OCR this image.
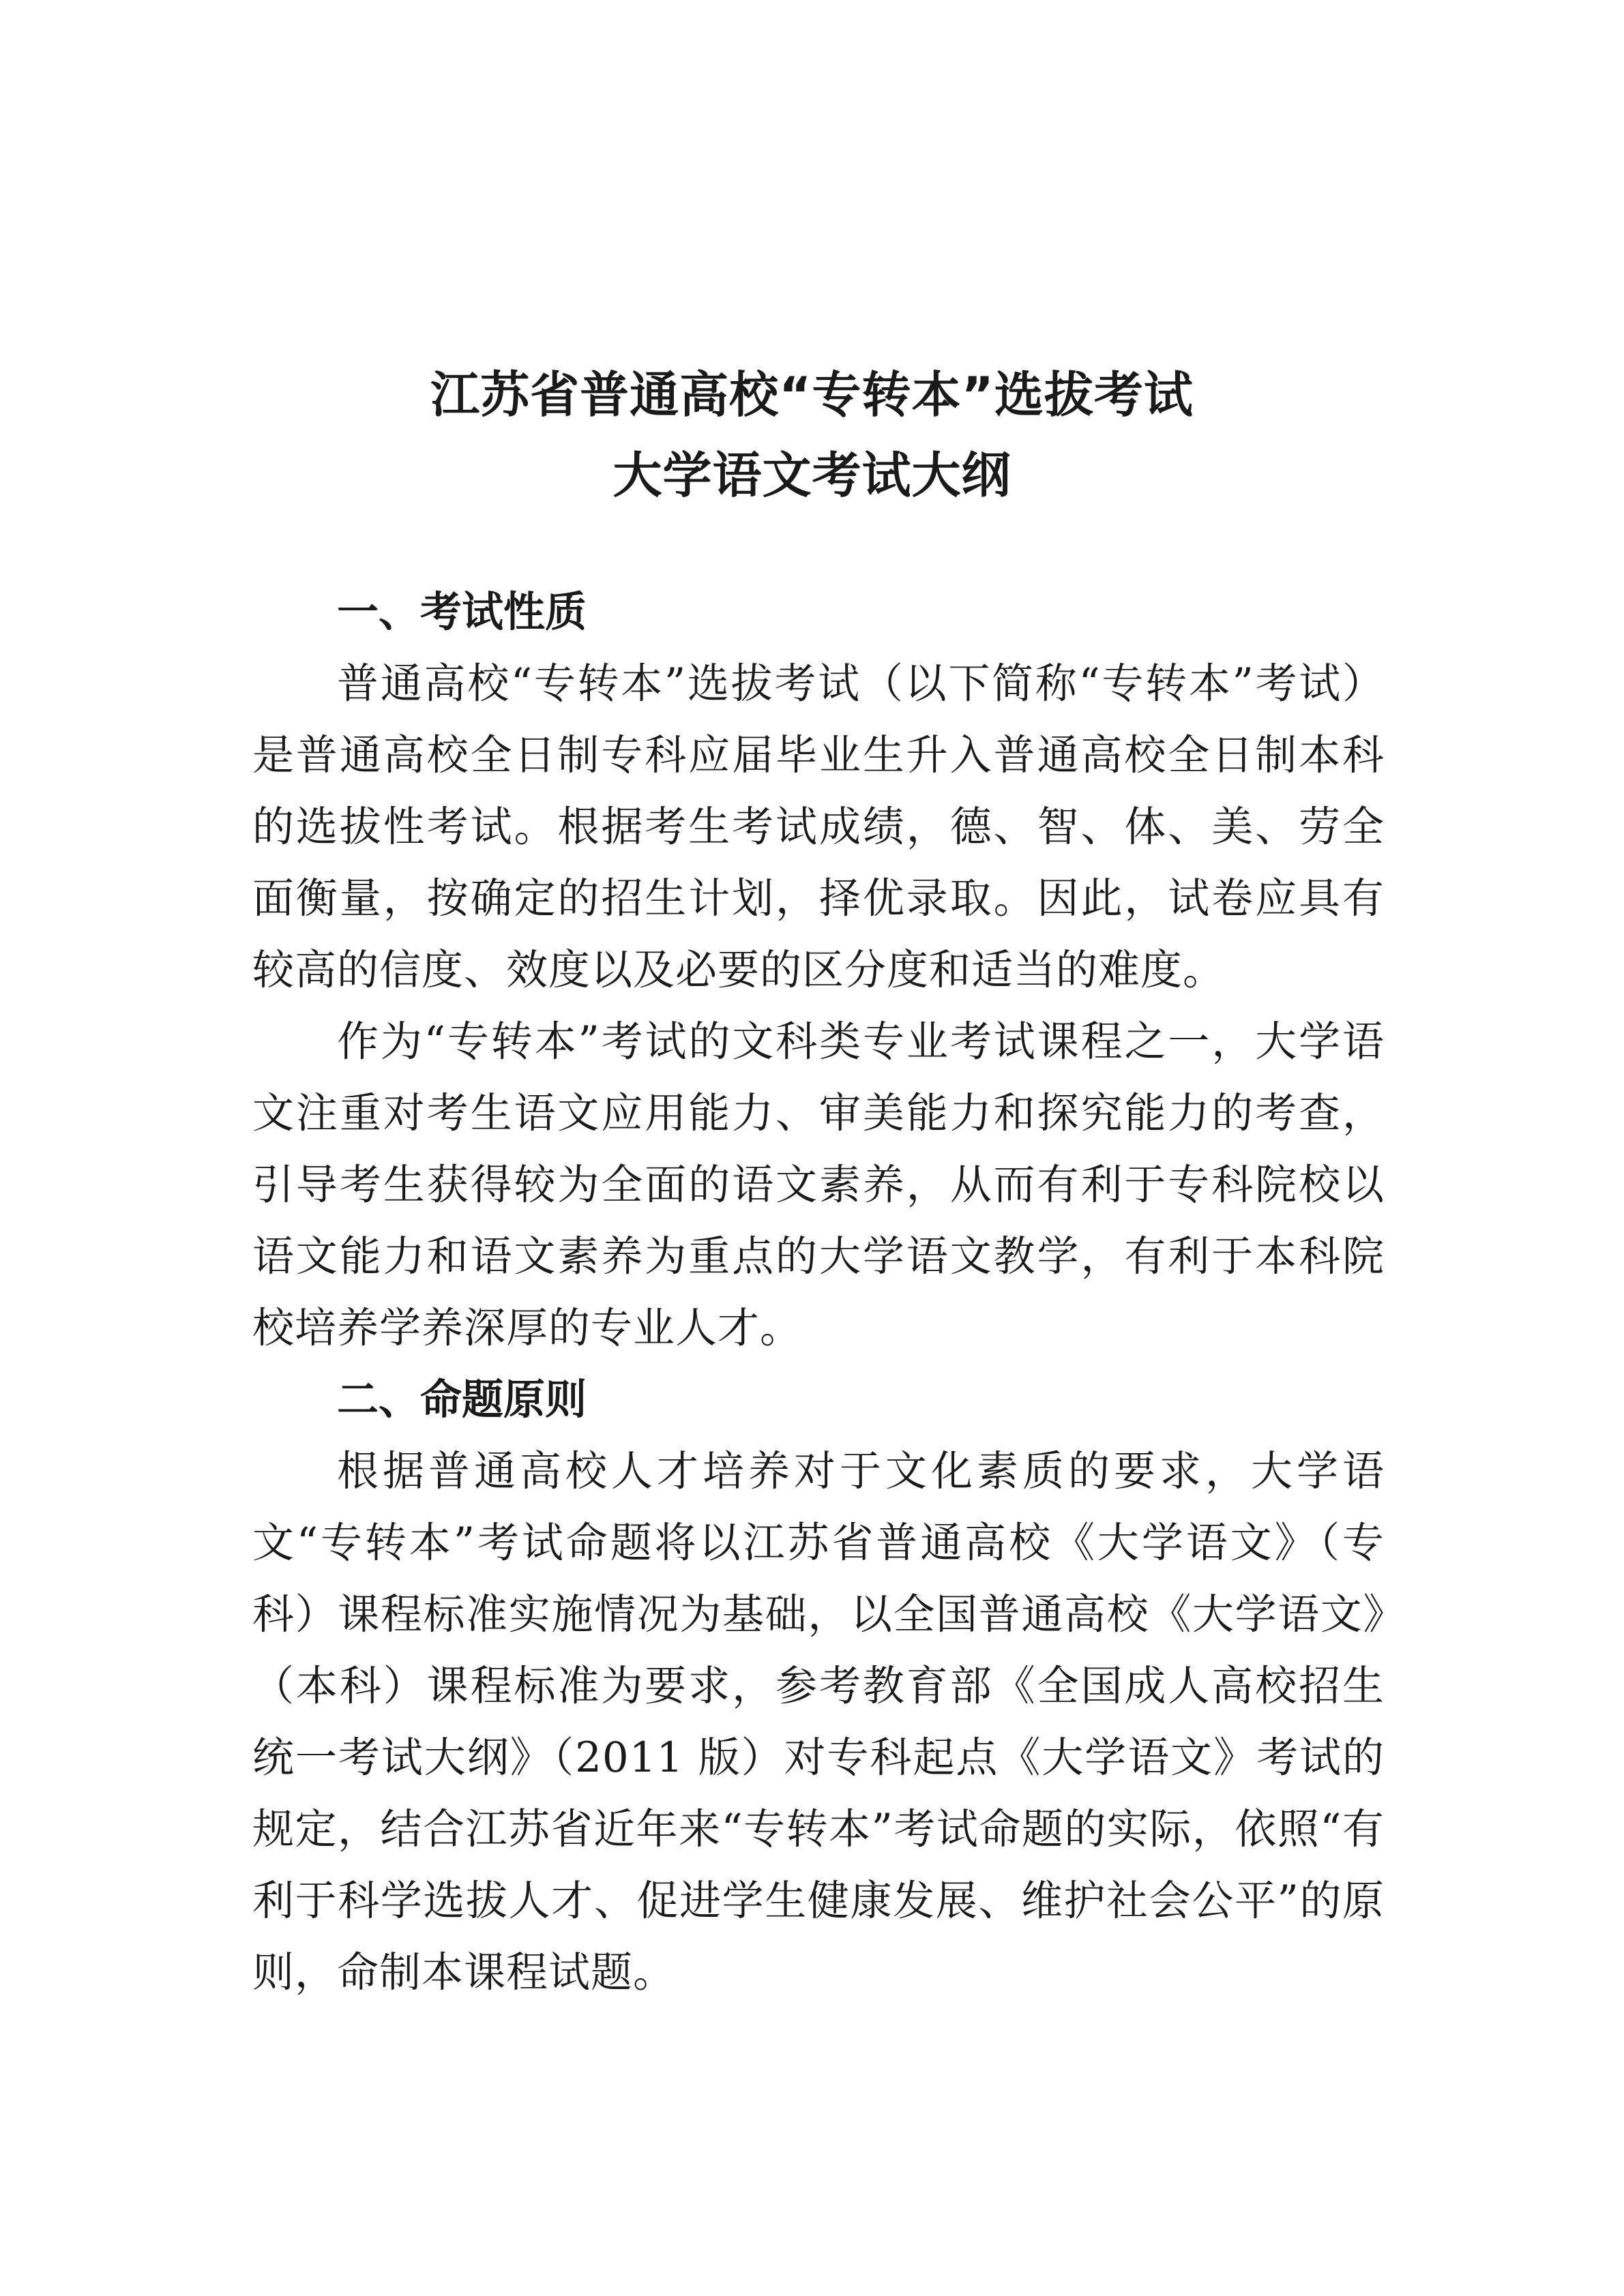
江苏省普通高校“专转本”选拔考试

大学语文考试大纲

一、考试性质

普通高校“专转本”选拔考试（以下简称“专转本”考试）是普通高校全日制专科应届毕业生升入普通高校全日制本科的选拔性考试。根据考生考试成绩，德、智、体、美、劳全面衡量，按确定的招生计划，择优录取。因此，试卷应具有较高的信度、效度以及必要的区分度和适当的难度。

作为“专转本”考试的文科类专业考试课程之一，大学语文注重对考生语文应用能力、审美能力和探究能力的考查，引导考生获得较为全面的语文素养，从而有利于专科院校以语文能力和语文素养为重点的大学语文教学，有利于本科院校培养学养深厚的专业人才。

二、命题原则

根据普通高校人才培养对于文化素质的要求，大学语文“专转本”考试命题将以江苏省普通高校《大学语文》（专科）课程标准实施情况为基础，以全国普通高校《大学语文》（本科）课程标准为要求，参考教育部《全国成人高校招生统一考试大纲》（2011 版）对专科起点《大学语文》考试的规定，结合江苏省近年来“专转本”考试命题的实际，依照“有利于科学选拔人才、促进学生健康发展、维护社会公平”的原则，命制本课程试题。
